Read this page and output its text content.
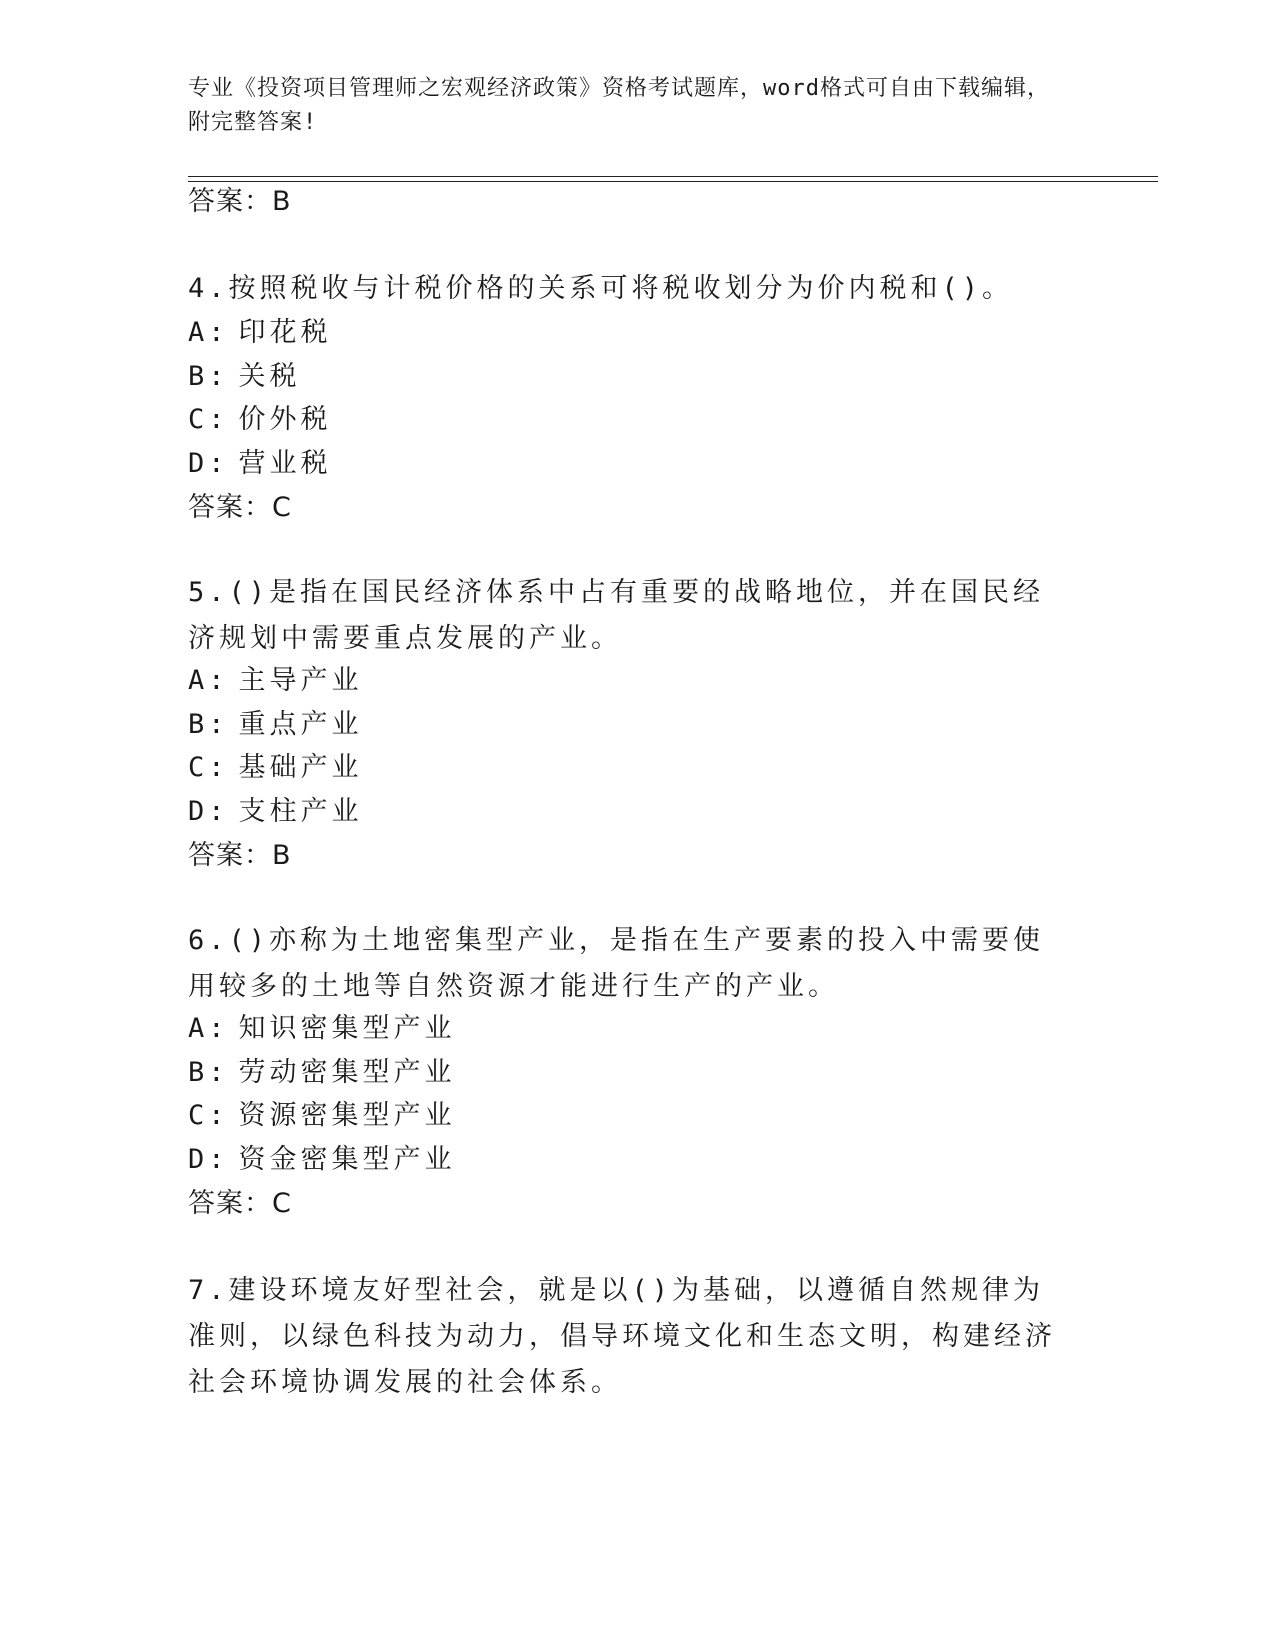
专业《投资项目管理师之宏观经济政策》资格考试题库，word格式可自由下载编辑，附完整答案!
答案：B
4.按照税收与计税价格的关系可将税收划分为价内税和()。
A: 印花税
B: 关税
C: 价外税
D: 营业税
答案：C
5.()是指在国民经济体系中占有重要的战略地位，并在国民经济规划中需要重点发展的产业。
A: 主导产业
B: 重点产业
C: 基础产业
D: 支柱产业
答案：B
6.()亦称为土地密集型产业，是指在生产要素的投入中需要使用较多的土地等自然资源才能进行生产的产业。
A: 知识密集型产业
B: 劳动密集型产业
C: 资源密集型产业
D: 资金密集型产业
答案：C
7.建设环境友好型社会，就是以()为基础，以遵循自然规律为准则，以绿色科技为动力，倡导环境文化和生态文明，构建经济社会环境协调发展的社会体系。
